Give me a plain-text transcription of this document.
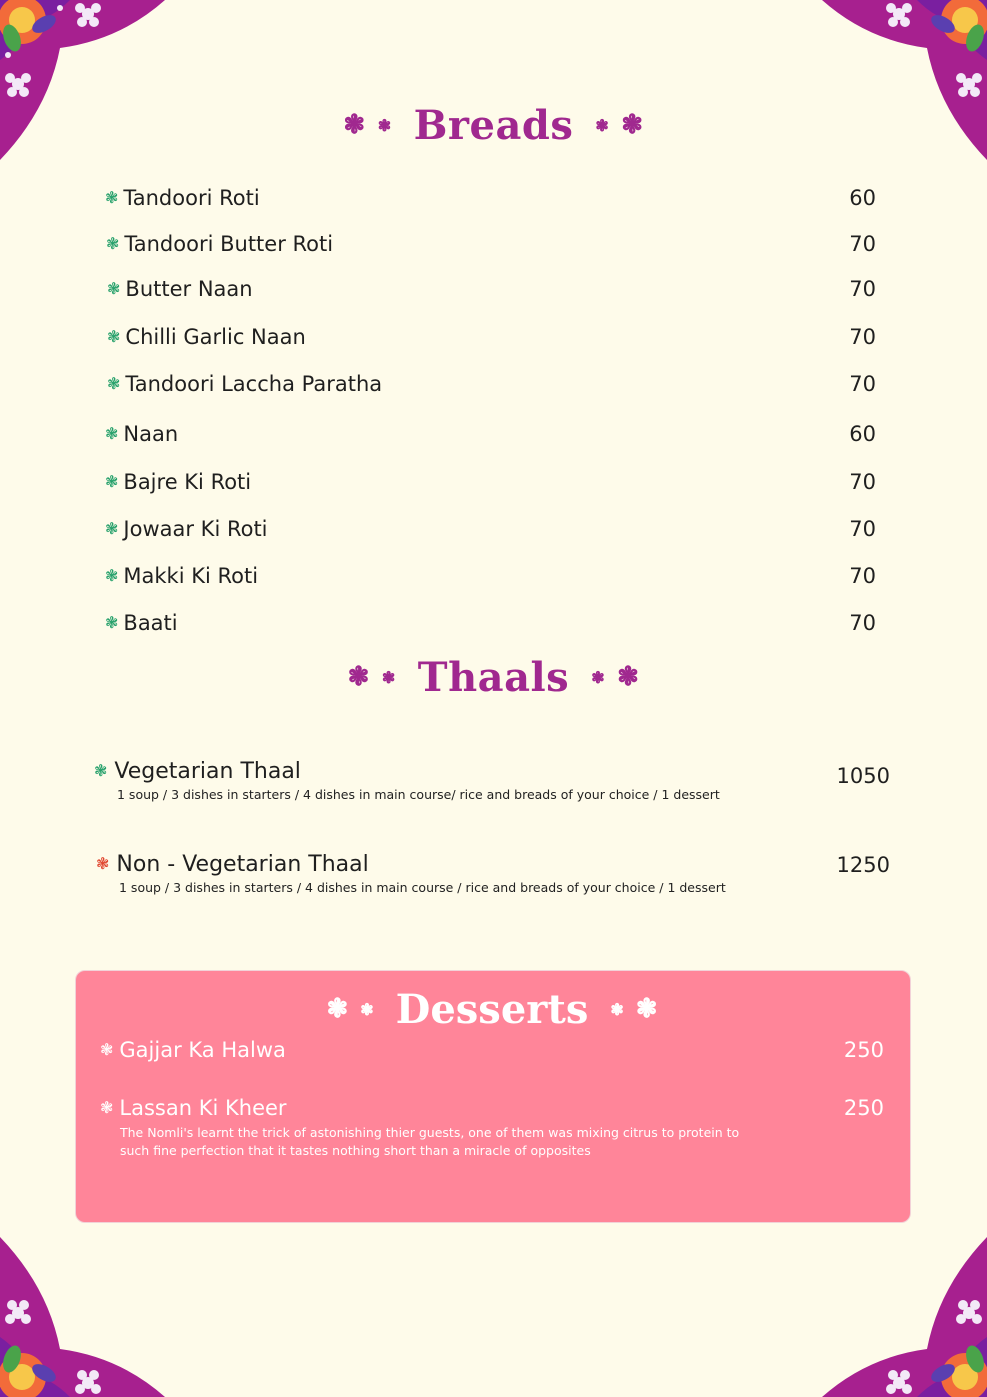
❃ ❃ Breads ❃ ❃
❃ Tandoori Roti	60
❃ Tandoori Butter Roti	70
❃ Butter Naan	70
❃ Chilli Garlic Naan	70
❃ Tandoori Laccha Paratha	70
❃ Naan	60
❃ Bajre Ki Roti	70
❃ Jowaar Ki Roti	70
❃ Makki Ki Roti	70
❃ Baati	70
❃ ❃ Thaals ❃ ❃
❃ Vegetarian Thaal	1050
1 soup / 3 dishes in starters / 4 dishes in main course/ rice and breads of your choice / 1 dessert
❃ Non - Vegetarian Thaal	1250
1 soup / 3 dishes in starters / 4 dishes in main course / rice and breads of your choice / 1 dessert
❃ ❃ Desserts ❃ ❃
❃ Gajjar Ka Halwa	250
❃ Lassan Ki Kheer	250
The Nomli's learnt the trick of astonishing thier guests, one of them was mixing citrus to protein to such fine perfection that it tastes nothing short than a miracle of opposites
